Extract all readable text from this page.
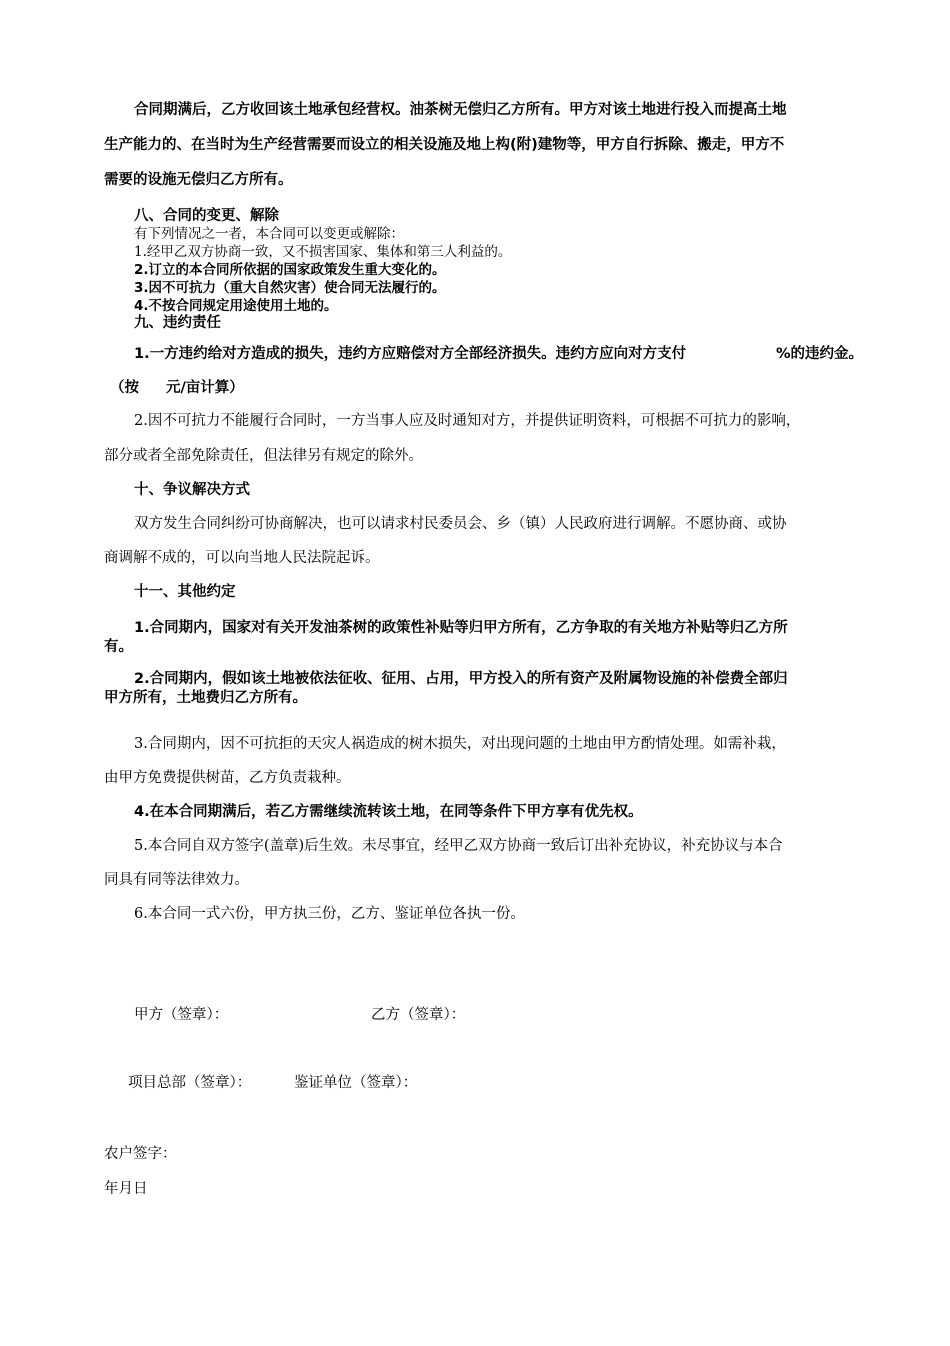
合同期满后，乙方收回该土地承包经营权。油茶树无偿归乙方所有。甲方对该土地进行投入而提高土地
生产能力的、在当时为生产经营需要而设立的相关设施及地上构(附)建物等，甲方自行拆除、搬走，甲方不
需要的设施无偿归乙方所有。
八、合同的变更、解除
有下列情况之一者，本合同可以变更或解除：
1.经甲乙双方协商一致，又不损害国家、集体和第三人利益的。
2.订立的本合同所依据的国家政策发生重大变化的。
3.因不可抗力（重大自然灾害）使合同无法履行的。
4.不按合同规定用途使用土地的。
九、违约责任
1.一方违约给对方造成的损失，违约方应赔偿对方全部经济损失。违约方应向对方支付	%的违约金。
（按 元/亩计算）
2.因不可抗力不能履行合同时，一方当事人应及时通知对方，并提供证明资料，可根据不可抗力的影响，
部分或者全部免除责任，但法律另有规定的除外。
十、争议解决方式
双方发生合同纠纷可协商解决，也可以请求村民委员会、乡（镇）人民政府进行调解。不愿协商、或协
商调解不成的，可以向当地人民法院起诉。
十一、其他约定
1.合同期内，国家对有关开发油茶树的政策性补贴等归甲方所有，乙方争取的有关地方补贴等归乙方所
有。
2.合同期内，假如该土地被依法征收、征用、占用，甲方投入的所有资产及附属物设施的补偿费全部归
甲方所有，土地费归乙方所有。
3.合同期内，因不可抗拒的天灾人祸造成的树木损失，对出现问题的土地由甲方酌情处理。如需补栽，
由甲方免费提供树苗，乙方负责栽种。
4.在本合同期满后，若乙方需继续流转该土地，在同等条件下甲方享有优先权。
5.本合同自双方签字(盖章)后生效。未尽事宜，经甲乙双方协商一致后订出补充协议，补充协议与本合
同具有同等法律效力。
6.本合同一式六份，甲方执三份，乙方、鉴证单位各执一份。
甲方（签章）：	乙方（签章）：
项目总部（签章）：	鉴证单位（签章）：
农户签字：
年月日
